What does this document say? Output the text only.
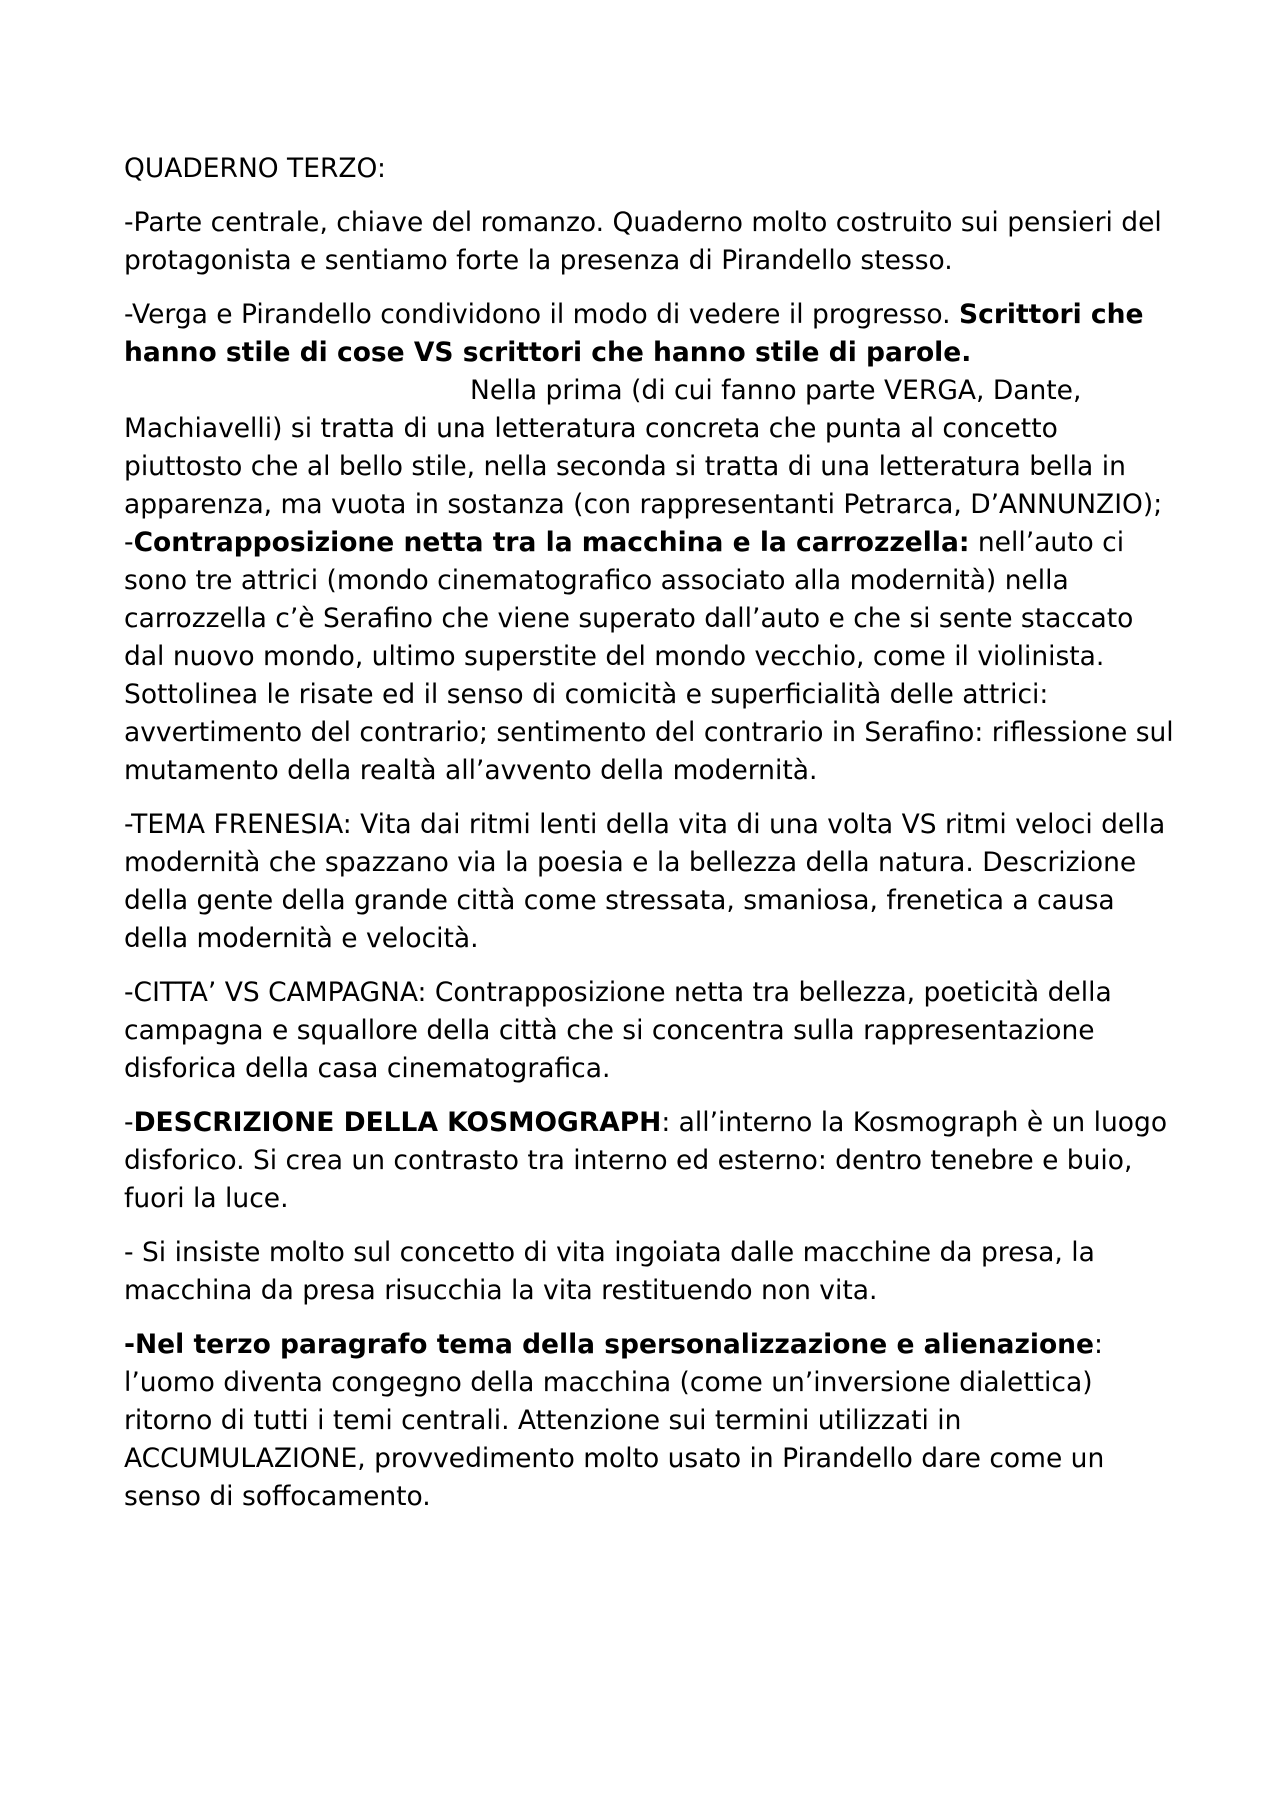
QUADERNO TERZO:

-Parte centrale, chiave del romanzo. Quaderno molto costruito sui pensieri del protagonista e sentiamo forte la presenza di Pirandello stesso.

-Verga e Pirandello condividono il modo di vedere il progresso. Scrittori che hanno stile di cose VS scrittori che hanno stile di parole.Nella prima (di cui fanno parte VERGA, Dante, Machiavelli) si tratta di una letteratura concreta che punta al concetto piuttosto che al bello stile, nella seconda si tratta di una letteratura bella in apparenza, ma vuota in sostanza (con rappresentanti Petrarca, D’ANNUNZIO);

-Contrapposizione netta tra la macchina e la carrozzella: nell’auto ci sono tre attrici (mondo cinematografico associato alla modernità) nella carrozzella c’è Serafino che viene superato dall’auto e che si sente staccato dal nuovo mondo, ultimo superstite del mondo vecchio, come il violinista. Sottolinea le risate ed il senso di comicità e superficialità delle attrici: avvertimento del contrario; sentimento del contrario in Serafino: riflessione sul mutamento della realtà all’avvento della modernità.

-TEMA FRENESIA: Vita dai ritmi lenti della vita di una volta VS ritmi veloci della modernità che spazzano via la poesia e la bellezza della natura. Descrizione della gente della grande città come stressata, smaniosa, frenetica a causa della modernità e velocità.

-CITTA’ VS CAMPAGNA: Contrapposizione netta tra bellezza, poeticità della campagna e squallore della città che si concentra sulla rappresentazione disforica della casa cinematografica.

-DESCRIZIONE DELLA KOSMOGRAPH: all’interno la Kosmograph è un luogo disforico. Si crea un contrasto tra interno ed esterno: dentro tenebre e buio, fuori la luce.

- Si insiste molto sul concetto di vita ingoiata dalle macchine da presa, la macchina da presa risucchia la vita restituendo non vita.

-Nel terzo paragrafo tema della spersonalizzazione e alienazione: l’uomo diventa congegno della macchina (come un’inversione dialettica) ritorno di tutti i temi centrali. Attenzione sui termini utilizzati in ACCUMULAZIONE, provvedimento molto usato in Pirandello dare come un senso di soffocamento.
